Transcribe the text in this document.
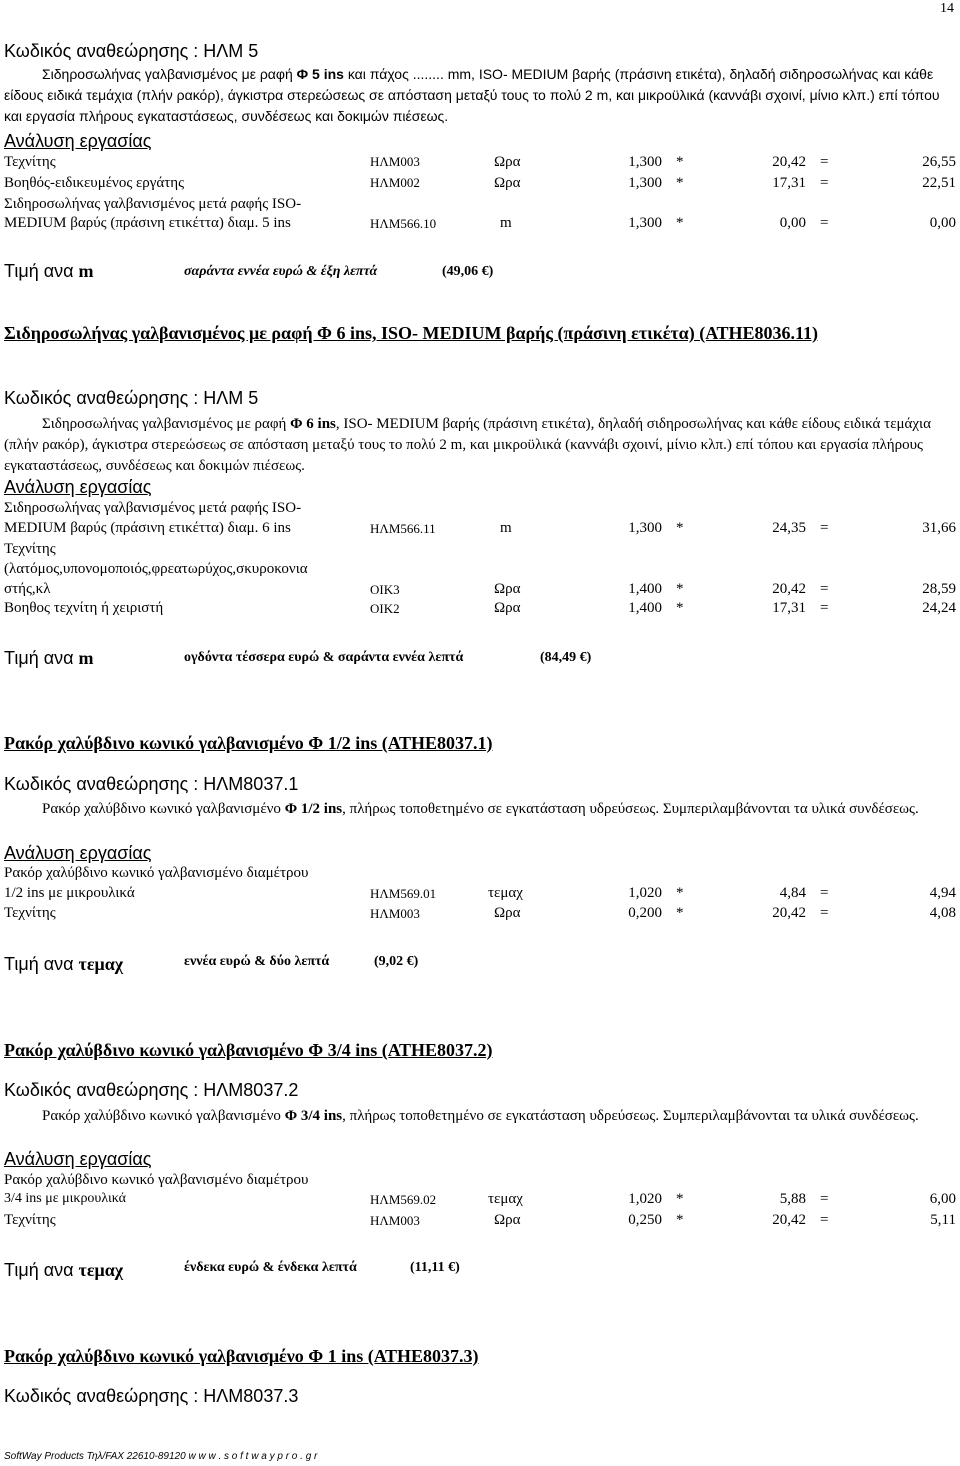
14
Κωδικός αναθεώρησης : ΗΛΜ 5
Σιδηροσωλήνας γαλβανισμένος με ραφή Φ 5 ins και πάχος ........ mm, ISO- MEDIUM βαρής (πράσινη ετικέτα), δηλαδή σιδηροσωλήνας και κάθε είδους ειδικά τεμάχια (πλήν ρακόρ), άγκιστρα στερεώσεως σε απόσταση μεταξύ τους το πολύ 2 m, και μικροϋλικά (καννάβι σχοινί, μίνιο κλπ.) επί τόπου και εργασία πλήρους εγκαταστάσεως, συνδέσεως και δοκιμών πιέσεως.
Ανάλυση εργασίας
Τεχνίτης	ΗΛΜ003	Ωρα	1,300 *	20,42 =	26,55
Βοηθός-ειδικευμένος εργάτης	ΗΛΜ002	Ωρα	1,300 *	17,31 =	22,51
Σιδηροσωλήνας γαλβανισμένος μετά ραφής ISO-
MEDIUM βαρύς (πράσινη ετικέττα) διαμ. 5 ins	ΗΛΜ566.10	m	1,300 *	0,00 =	0,00
Τιμή ανα m	σαράντα εννέα ευρώ & έξη λεπτά	(49,06 €)
Σιδηροσωλήνας γαλβανισμένος με ραφή Φ 6 ins, ISO- MEDIUM βαρής (πράσινη ετικέτα) (ΑΤΗΕ8036.11)
Κωδικός αναθεώρησης : ΗΛΜ 5
Σιδηροσωλήνας γαλβανισμένος με ραφή Φ 6 ins, ISO- MEDIUM βαρής (πράσινη ετικέτα), δηλαδή σιδηροσωλήνας και κάθε είδους ειδικά τεμάχια (πλήν ρακόρ), άγκιστρα στερεώσεως σε απόσταση μεταξύ τους το πολύ 2 m, και μικροϋλικά (καννάβι σχοινί, μίνιο κλπ.) επί τόπου και εργασία πλήρους εγκαταστάσεως, συνδέσεως και δοκιμών πιέσεως.
Ανάλυση εργασίας
Σιδηροσωλήνας γαλβανισμένος μετά ραφής ISO-
MEDIUM βαρύς (πράσινη ετικέττα) διαμ. 6 ins	ΗΛΜ566.11	m	1,300 *	24,35 =	31,66
Τεχνίτης
(λατόμος,υπονομοποιός,φρεατωρύχος,σκυροκονια
στής,κλ	ΟΙΚ3	Ωρα	1,400 *	20,42 =	28,59
Βοηθος τεχνίτη ή χειριστή	ΟΙΚ2	Ωρα	1,400 *	17,31 =	24,24
Τιμή ανα m	ογδόντα τέσσερα ευρώ & σαράντα εννέα λεπτά	(84,49 €)
Ρακόρ χαλύβδινο κωνικό γαλβανισμένο Φ 1/2 ins (ΑΤΗΕ8037.1)
Κωδικός αναθεώρησης : ΗΛΜ8037.1
Ρακόρ χαλύβδινο κωνικό γαλβανισμένο Φ 1/2 ins, πλήρως τοποθετημένο σε εγκατάσταση υδρεύσεως. Συμπεριλαμβάνονται τα υλικά συνδέσεως.
Ανάλυση εργασίας
Ρακόρ χαλύβδινο κωνικό γαλβανισμένο διαμέτρου
1/2 ins με μικρουλικά	ΗΛΜ569.01	τεμαχ	1,020 *	4,84 =	4,94
Τεχνίτης	ΗΛΜ003	Ωρα	0,200 *	20,42 =	4,08
Τιμή ανα τεμαχ	εννέα ευρώ & δύο λεπτά	(9,02 €)
Ρακόρ χαλύβδινο κωνικό γαλβανισμένο Φ 3/4 ins (ΑΤΗΕ8037.2)
Κωδικός αναθεώρησης : ΗΛΜ8037.2
Ρακόρ χαλύβδινο κωνικό γαλβανισμένο Φ 3/4 ins, πλήρως τοποθετημένο σε εγκατάσταση υδρεύσεως. Συμπεριλαμβάνονται τα υλικά συνδέσεως.
Ανάλυση εργασίας
Ρακόρ χαλύβδινο κωνικό γαλβανισμένο διαμέτρου
3/4 ins με μικρουλικά	ΗΛΜ569.02	τεμαχ	1,020 *	5,88 =	6,00
Τεχνίτης	ΗΛΜ003	Ωρα	0,250 *	20,42 =	5,11
Τιμή ανα τεμαχ	ένδεκα ευρώ & ένδεκα λεπτά	(11,11 €)
Ρακόρ χαλύβδινο κωνικό γαλβανισμένο Φ 1 ins (ΑΤΗΕ8037.3)
Κωδικός αναθεώρησης : ΗΛΜ8037.3
SoftWay Products Τηλ/FAX 22610-89120 w w w . s o f t w a y p r o . g r
